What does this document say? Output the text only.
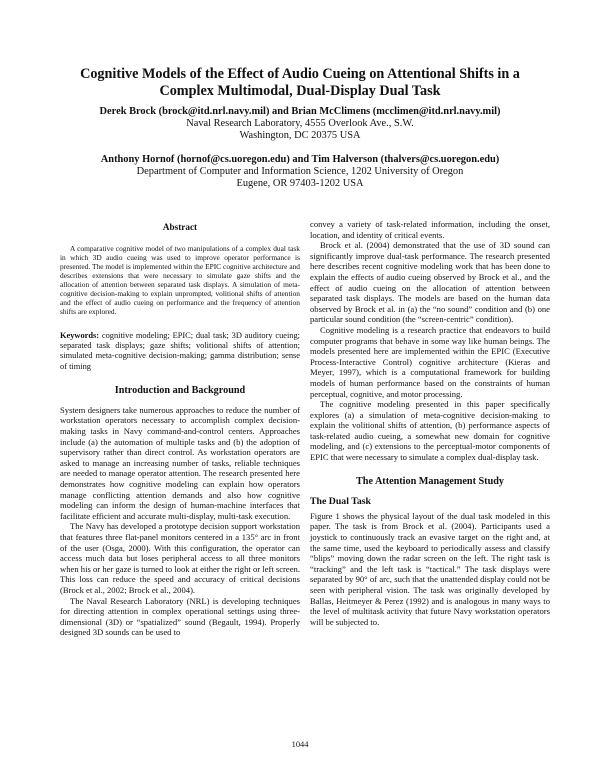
Cognitive Models of the Effect of Audio Cueing on Attentional Shifts in a Complex Multimodal, Dual-Display Dual Task
Derek Brock (brock@itd.nrl.navy.mil) and Brian McClimens (mcclimen@itd.nrl.navy.mil)
Naval Research Laboratory, 4555 Overlook Ave., S.W.
Washington, DC 20375 USA
Anthony Hornof (hornof@cs.uoregon.edu) and Tim Halverson (thalvers@cs.uoregon.edu)
Department of Computer and Information Science, 1202 University of Oregon
Eugene, OR 97403-1202 USA
Abstract

A comparative cognitive model of two manipulations of a complex dual task in which 3D audio cueing was used to improve operator performance is presented. The model is implemented within the EPIC cognitive architecture and describes extensions that were necessary to simulate gaze shifts and the allocation of attention between separated task displays. A simulation of meta-cognitive decision-making to explain unprompted, volitional shifts of attention and the effect of audio cueing on performance and the frequency of attention shifts are explored.

Keywords: cognitive modeling; EPIC; dual task; 3D auditory cueing; separated task displays; gaze shifts; volitional shifts of attention; simulated meta-cognitive decision-making; gamma distribution; sense of timing

Introduction and Background

System designers take numerous approaches to reduce the number of workstation operators necessary to accomplish complex decision-making tasks in Navy command-and-control centers. Approaches include (a) the automation of multiple tasks and (b) the adoption of supervisory rather than direct control. As workstation operators are asked to manage an increasing number of tasks, reliable techniques are needed to manage operator attention. The research presented here demonstrates how cognitive modeling can explain how operators manage conflicting attention demands and also how cognitive modeling can inform the design of human-machine interfaces that facilitate efficient and accurate multi-display, multi-task execution.

The Navy has developed a prototype decision support workstation that features three flat-panel monitors centered in a 135° arc in front of the user (Osga, 2000). With this configuration, the operator can access much data but loses peripheral access to all three monitors when his or her gaze is turned to look at either the right or left screen. This loss can reduce the speed and accuracy of critical decisions (Brock et al., 2002; Brock et al., 2004).

The Naval Research Laboratory (NRL) is developing techniques for directing attention in complex operational settings using three-dimensional (3D) or “spatialized” sound (Begault, 1994). Properly designed 3D sounds can be used to

convey a variety of task-related information, including the onset, location, and identity of critical events.

Brock et al. (2004) demonstrated that the use of 3D sound can significantly improve dual-task performance. The research presented here describes recent cognitive modeling work that has been done to explain the effects of audio cueing observed by Brock et al., and the effect of audio cueing on the allocation of attention between separated task displays. The models are based on the human data observed by Brock et al. in (a) the “no sound” condition and (b) one particular sound condition (the “screen-centric” condition).

Cognitive modeling is a research practice that endeavors to build computer programs that behave in some way like human beings. The models presented here are implemented within the EPIC (Executive Process-Interactive Control) cognitive architecture (Kieras and Meyer, 1997), which is a computational framework for building models of human performance based on the constraints of human perceptual, cognitive, and motor processing.

The cognitive modeling presented in this paper specifically explores (a) a simulation of meta-cognitive decision-making to explain the volitional shifts of attention, (b) performance aspects of task-related audio cueing, a somewhat new domain for cognitive modeling, and (c) extensions to the perceptual-motor components of EPIC that were necessary to simulate a complex dual-display task.

The Attention Management Study
The Dual Task

Figure 1 shows the physical layout of the dual task modeled in this paper. The task is from Brock et al. (2004). Participants used a joystick to continuously track an evasive target on the right and, at the same time, used the keyboard to periodically assess and classify “blips” moving down the radar screen on the left. The right task is “tracking” and the left task is “tactical.” The task displays were separated by 90° of arc, such that the unattended display could not be seen with peripheral vision. The task was originally developed by Ballas, Heitmeyer & Perez (1992) and is analogous in many ways to the level of multitask activity that future Navy workstation operators will be subjected to.

1044
